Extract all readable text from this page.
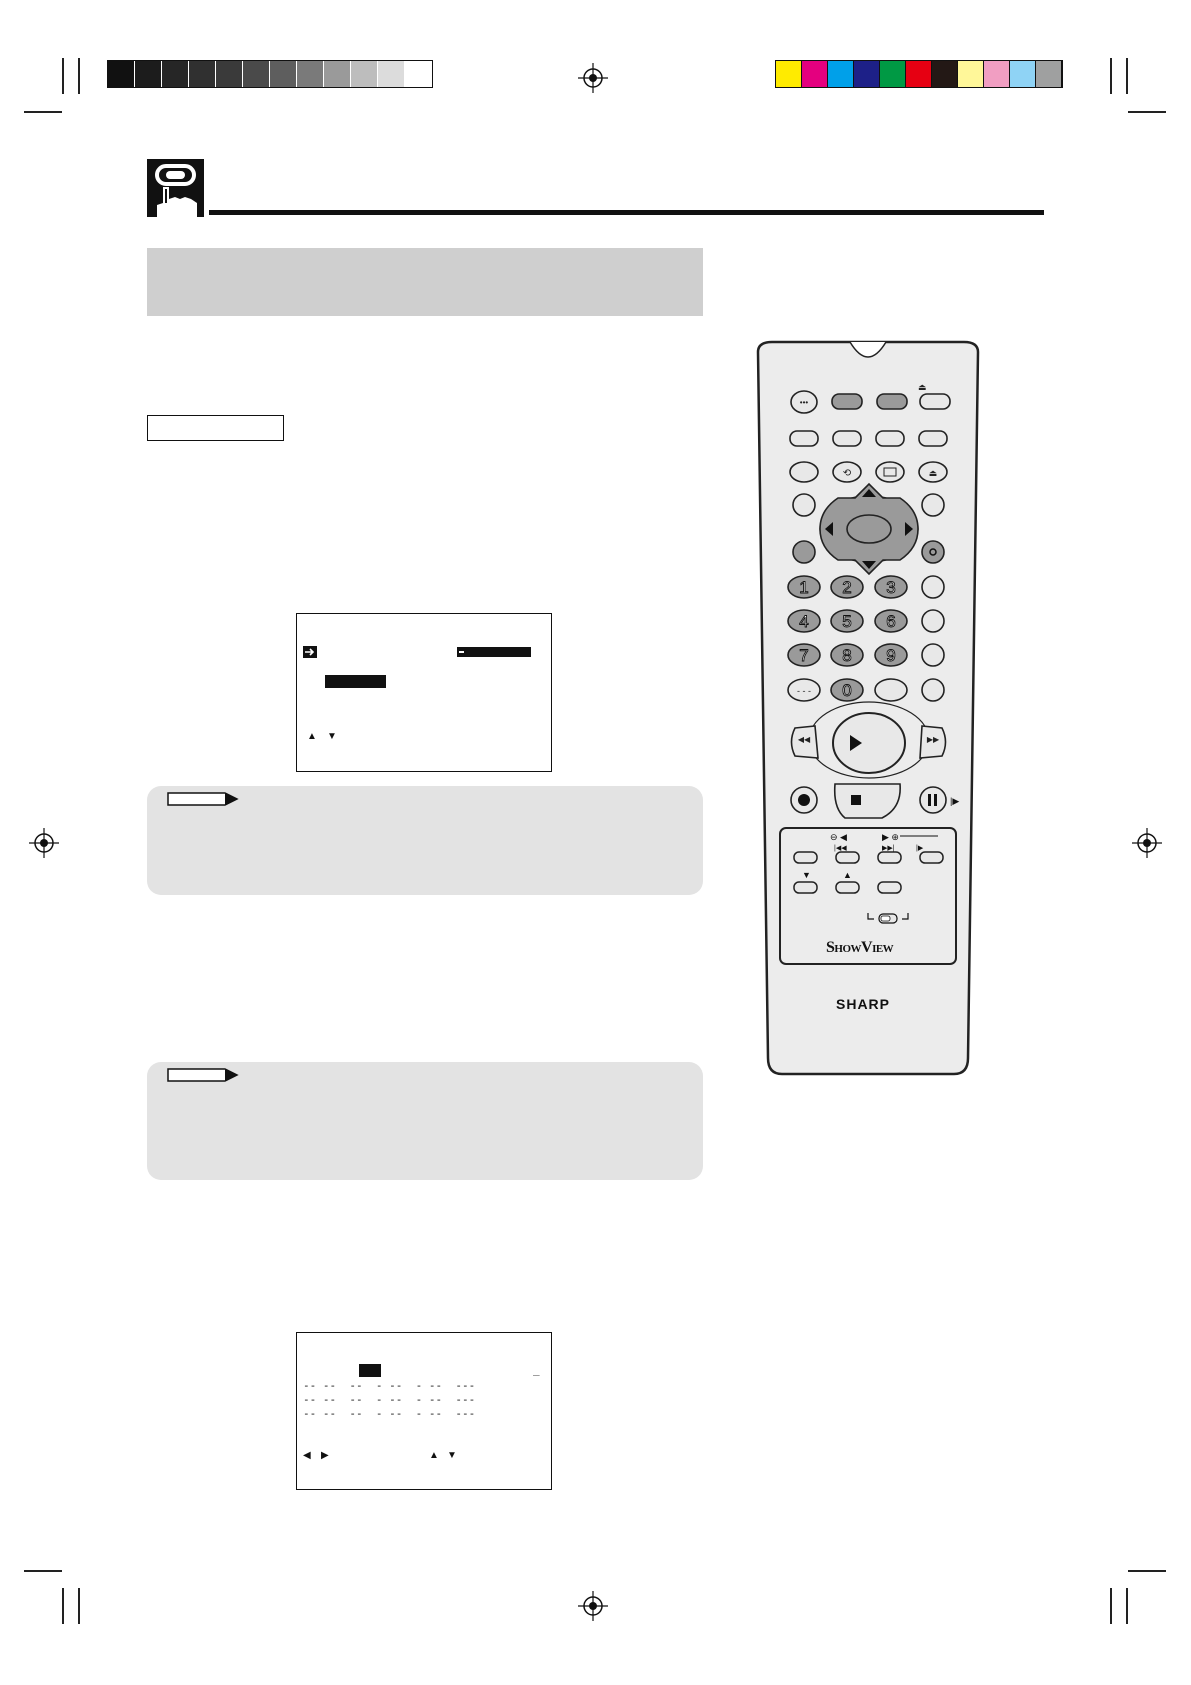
▲ ▼
_
-- --  --  - --  - --  ---
-- --  --  - --  - --  ---
-- --  --  - --  - --  ---
◀ ▶	▲ ▼
•••
⏏
⟲	⏏
1 2 3
4 5 6
7 8 9
0
- - -
◀◀	▶▶
|▶
⊖ ◀	▶ ⊕
|◀◀	▶▶|	|▶
▼	▲
ShowView
SHARP
